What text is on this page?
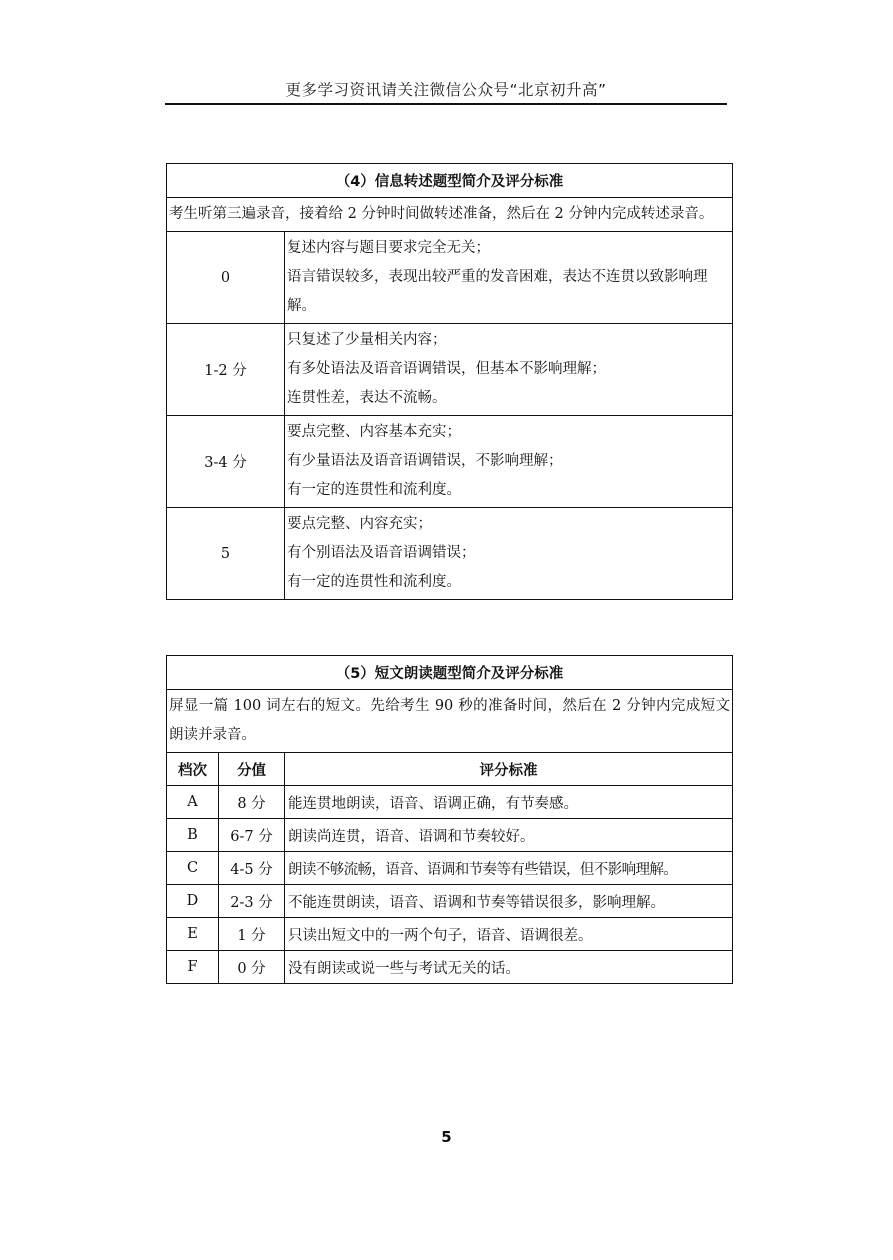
更多学习资讯请关注微信公众号“北京初升高”
（4）信息转述题型简介及评分标准	
考生听第三遍录音，接着给 2 分钟时间做转述准备，然后在 2 分钟内完成转述录音。	
0	复述内容与题目要求完全无关；
语言错误较多，表现出较严重的发音困难，表达不连贯以致影响理解。
1-2 分	只复述了少量相关内容；
有多处语法及语音语调错误，但基本不影响理解；
连贯性差，表达不流畅。

3-4 分	要点完整、内容基本充实；
有少量语法及语音语调错误，不影响理解；
有一定的连贯性和流利度。

5	要点完整、内容充实；
有个别语法及语音语调错误；
有一定的连贯性和流利度。
（5）短文朗读题型简介及评分标准		
屏显一篇 100 词左右的短文。先给考生 90 秒的准备时间，然后在 2 分钟内完成短文朗读并录音。		
档次	分值	评分标准
A	8 分	能连贯地朗读，语音、语调正确，有节奏感。
B	6-7 分	朗读尚连贯，语音、语调和节奏较好。
C	4-5 分	朗读不够流畅，语音、语调和节奏等有些错误，但不影响理解。
D	2-3 分	不能连贯朗读，语音、语调和节奏等错误很多，影响理解。
E	1 分	只读出短文中的一两个句子，语音、语调很差。
F	0 分	没有朗读或说一些与考试无关的话。
5
